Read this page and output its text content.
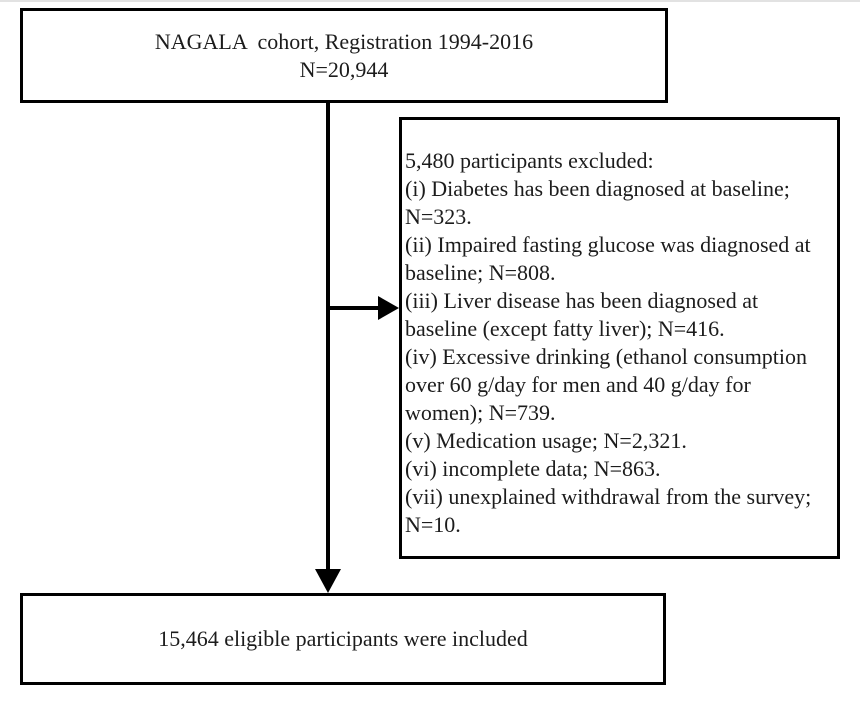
NAGALA  cohort, Registration 1994-2016
N=20,944
5,480 participants excluded:
(i) Diabetes has been diagnosed at baseline; N=323.
(ii) Impaired fasting glucose was diagnosed at baseline; N=808.
(iii) Liver disease has been diagnosed at baseline (except fatty liver); N=416.
(iv) Excessive drinking (ethanol consumption over 60 g/day for men and 40 g/day for women); N=739.
(v) Medication usage; N=2,321.
(vi) incomplete data; N=863.
(vii) unexplained withdrawal from the survey; N=10.
15,464 eligible participants were included
